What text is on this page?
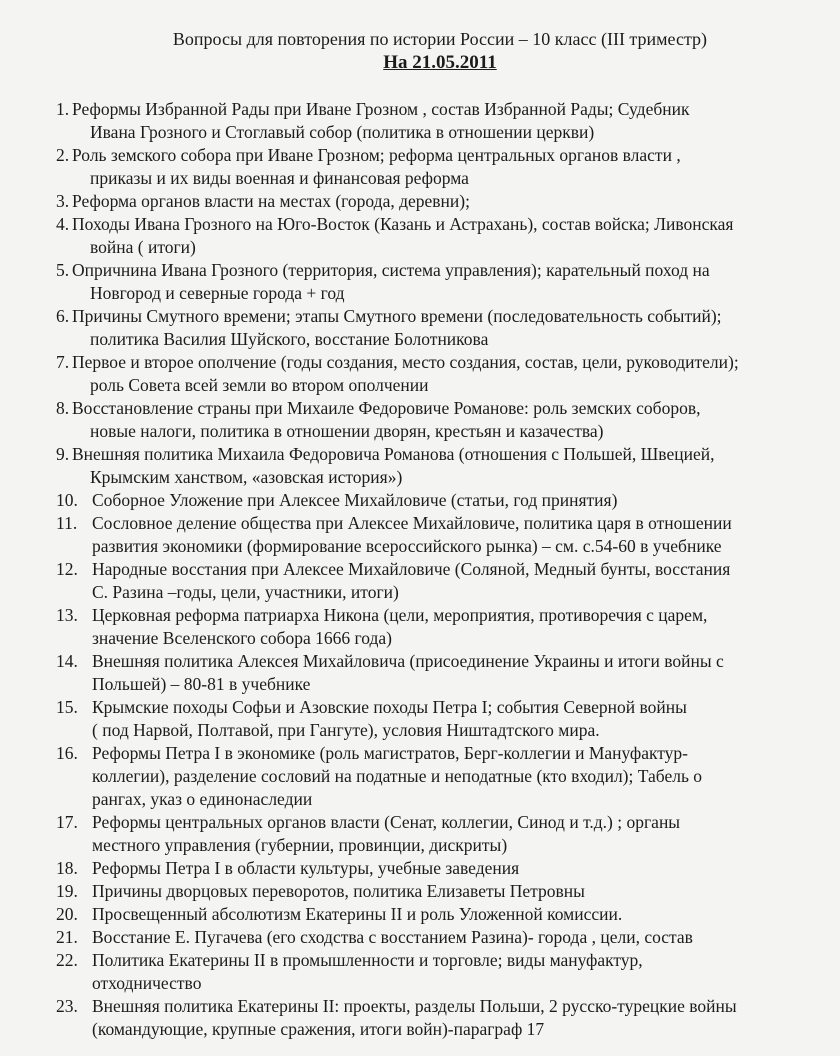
Вопросы для повторения по истории России – 10 класс (III триместр)
На 21.05.2011
1. Реформы Избранной Рады при Иване Грозном , состав Избранной Рады; Судебник
Ивана Грозного и Стоглавый собор (политика в отношении церкви)
2. Роль земского собора при Иване Грозном; реформа центральных органов власти ,
приказы и их виды военная и финансовая реформа
3. Реформа органов власти на местах (города, деревни);
4. Походы Ивана Грозного на Юго-Восток (Казань и Астрахань), состав войска; Ливонская
война ( итоги)
5. Опричнина Ивана Грозного (территория, система управления); карательный поход на
Новгород и северные города + год
6. Причины Смутного времени; этапы Смутного времени (последовательность событий);
политика Василия Шуйского, восстание Болотникова
7. Первое и второе ополчение (годы создания, место создания, состав, цели, руководители);
роль Совета всей земли во втором ополчении
8. Восстановление страны при Михаиле Федоровиче Романове: роль земских соборов,
новые налоги, политика в отношении дворян, крестьян и казачества)
9. Внешняя политика Михаила Федоровича Романова (отношения с Польшей, Швецией,
Крымским ханством, «азовская история»)
10. Соборное Уложение при Алексее Михайловиче (статьи, год принятия)
11. Сословное деление общества при Алексее Михайловиче, политика царя в отношении
развития экономики (формирование всероссийского рынка) – см. с.54-60 в учебнике
12. Народные восстания при Алексее Михайловиче (Соляной, Медный бунты, восстания
С. Разина –годы, цели, участники, итоги)
13. Церковная реформа патриарха Никона (цели, мероприятия, противоречия с царем,
значение Вселенского собора 1666 года)
14. Внешняя политика Алексея Михайловича (присоединение Украины и итоги войны с
Польшей) – 80-81 в учебнике
15. Крымские походы Софьи и Азовские походы Петра I; события Северной войны
( под Нарвой, Полтавой, при Гангуте), условия Ништадтского мира.
16. Реформы Петра I в экономике (роль магистратов, Берг-коллегии и Мануфактур-
коллегии), разделение сословий на податные и неподатные (кто входил); Табель о
рангах, указ о единонаследии
17. Реформы центральных органов власти (Сенат, коллегии, Синод и т.д.) ; органы
местного управления (губернии, провинции, дискриты)
18. Реформы Петра I в области культуры, учебные заведения
19. Причины дворцовых переворотов, политика Елизаветы Петровны
20. Просвещенный абсолютизм Екатерины II и роль Уложенной комиссии.
21. Восстание Е. Пугачева (его сходства с восстанием Разина)- города , цели, состав
22. Политика Екатерины II в промышленности и торговле; виды мануфактур,
отходничество
23. Внешняя политика Екатерины II: проекты, разделы Польши, 2 русско-турецкие войны
(командующие, крупные сражения, итоги войн)-параграф 17
